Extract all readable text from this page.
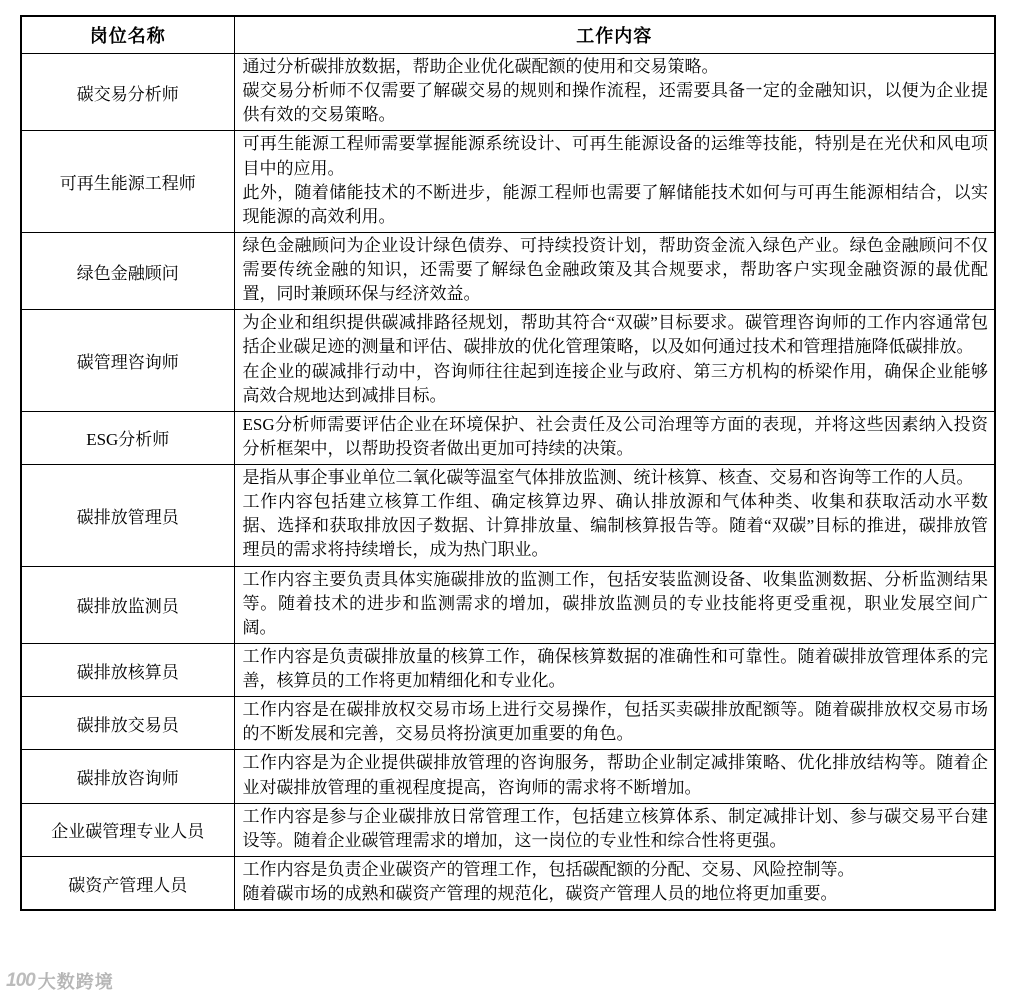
岗位名称	工作内容
碳交易分析师	通过分析碳排放数据，帮助企业优化碳配额的使用和交易策略。
碳交易分析师不仅需要了解碳交易的规则和操作流程，还需要具备一定的金融知识，以便为企业提供有效的交易策略。

可再生能源工程师	可再生能源工程师需要掌握能源系统设计、可再生能源设备的运维等技能，特别是在光伏和风电项目中的应用。
此外，随着储能技术的不断进步，能源工程师也需要了解储能技术如何与可再生能源相结合，以实现能源的高效利用。

绿色金融顾问	绿色金融顾问为企业设计绿色债券、可持续投资计划，帮助资金流入绿色产业。绿色金融顾问不仅需要传统金融的知识，还需要了解绿色金融政策及其合规要求，帮助客户实现金融资源的最优配置，同时兼顾环保与经济效益。

碳管理咨询师	为企业和组织提供碳减排路径规划，帮助其符合“双碳”目标要求。碳管理咨询师的工作内容通常包括企业碳足迹的测量和评估、碳排放的优化管理策略，以及如何通过技术和管理措施降低碳排放。
在企业的碳减排行动中，咨询师往往起到连接企业与政府、第三方机构的桥梁作用，确保企业能够高效合规地达到减排目标。

ESG分析师	ESG分析师需要评估企业在环境保护、社会责任及公司治理等方面的表现，并将这些因素纳入投资分析框架中，以帮助投资者做出更加可持续的决策。

碳排放管理员	是指从事企事业单位二氧化碳等温室气体排放监测、统计核算、核查、交易和咨询等工作的人员。
工作内容包括建立核算工作组、确定核算边界、确认排放源和气体种类、收集和获取活动水平数据、选择和获取排放因子数据、计算排放量、编制核算报告等。随着“双碳”目标的推进，碳排放管理员的需求将持续增长，成为热门职业。

碳排放监测员	工作内容主要负责具体实施碳排放的监测工作，包括安装监测设备、收集监测数据、分析监测结果等。随着技术的进步和监测需求的增加，碳排放监测员的专业技能将更受重视，职业发展空间广阔。

碳排放核算员	工作内容是负责碳排放量的核算工作，确保核算数据的准确性和可靠性。随着碳排放管理体系的完善，核算员的工作将更加精细化和专业化。

碳排放交易员	工作内容是在碳排放权交易市场上进行交易操作，包括买卖碳排放配额等。随着碳排放权交易市场的不断发展和完善，交易员将扮演更加重要的角色。

碳排放咨询师	工作内容是为企业提供碳排放管理的咨询服务，帮助企业制定减排策略、优化排放结构等。随着企业对碳排放管理的重视程度提高，咨询师的需求将不断增加。

企业碳管理专业人员	工作内容是参与企业碳排放日常管理工作，包括建立核算体系、制定减排计划、参与碳交易平台建设等。随着企业碳管理需求的增加，这一岗位的专业性和综合性将更强。

碳资产管理人员	工作内容是负责企业碳资产的管理工作，包括碳配额的分配、交易、风险控制等。
随着碳市场的成熟和碳资产管理的规范化，碳资产管理人员的地位将更加重要。
100 大数跨境
